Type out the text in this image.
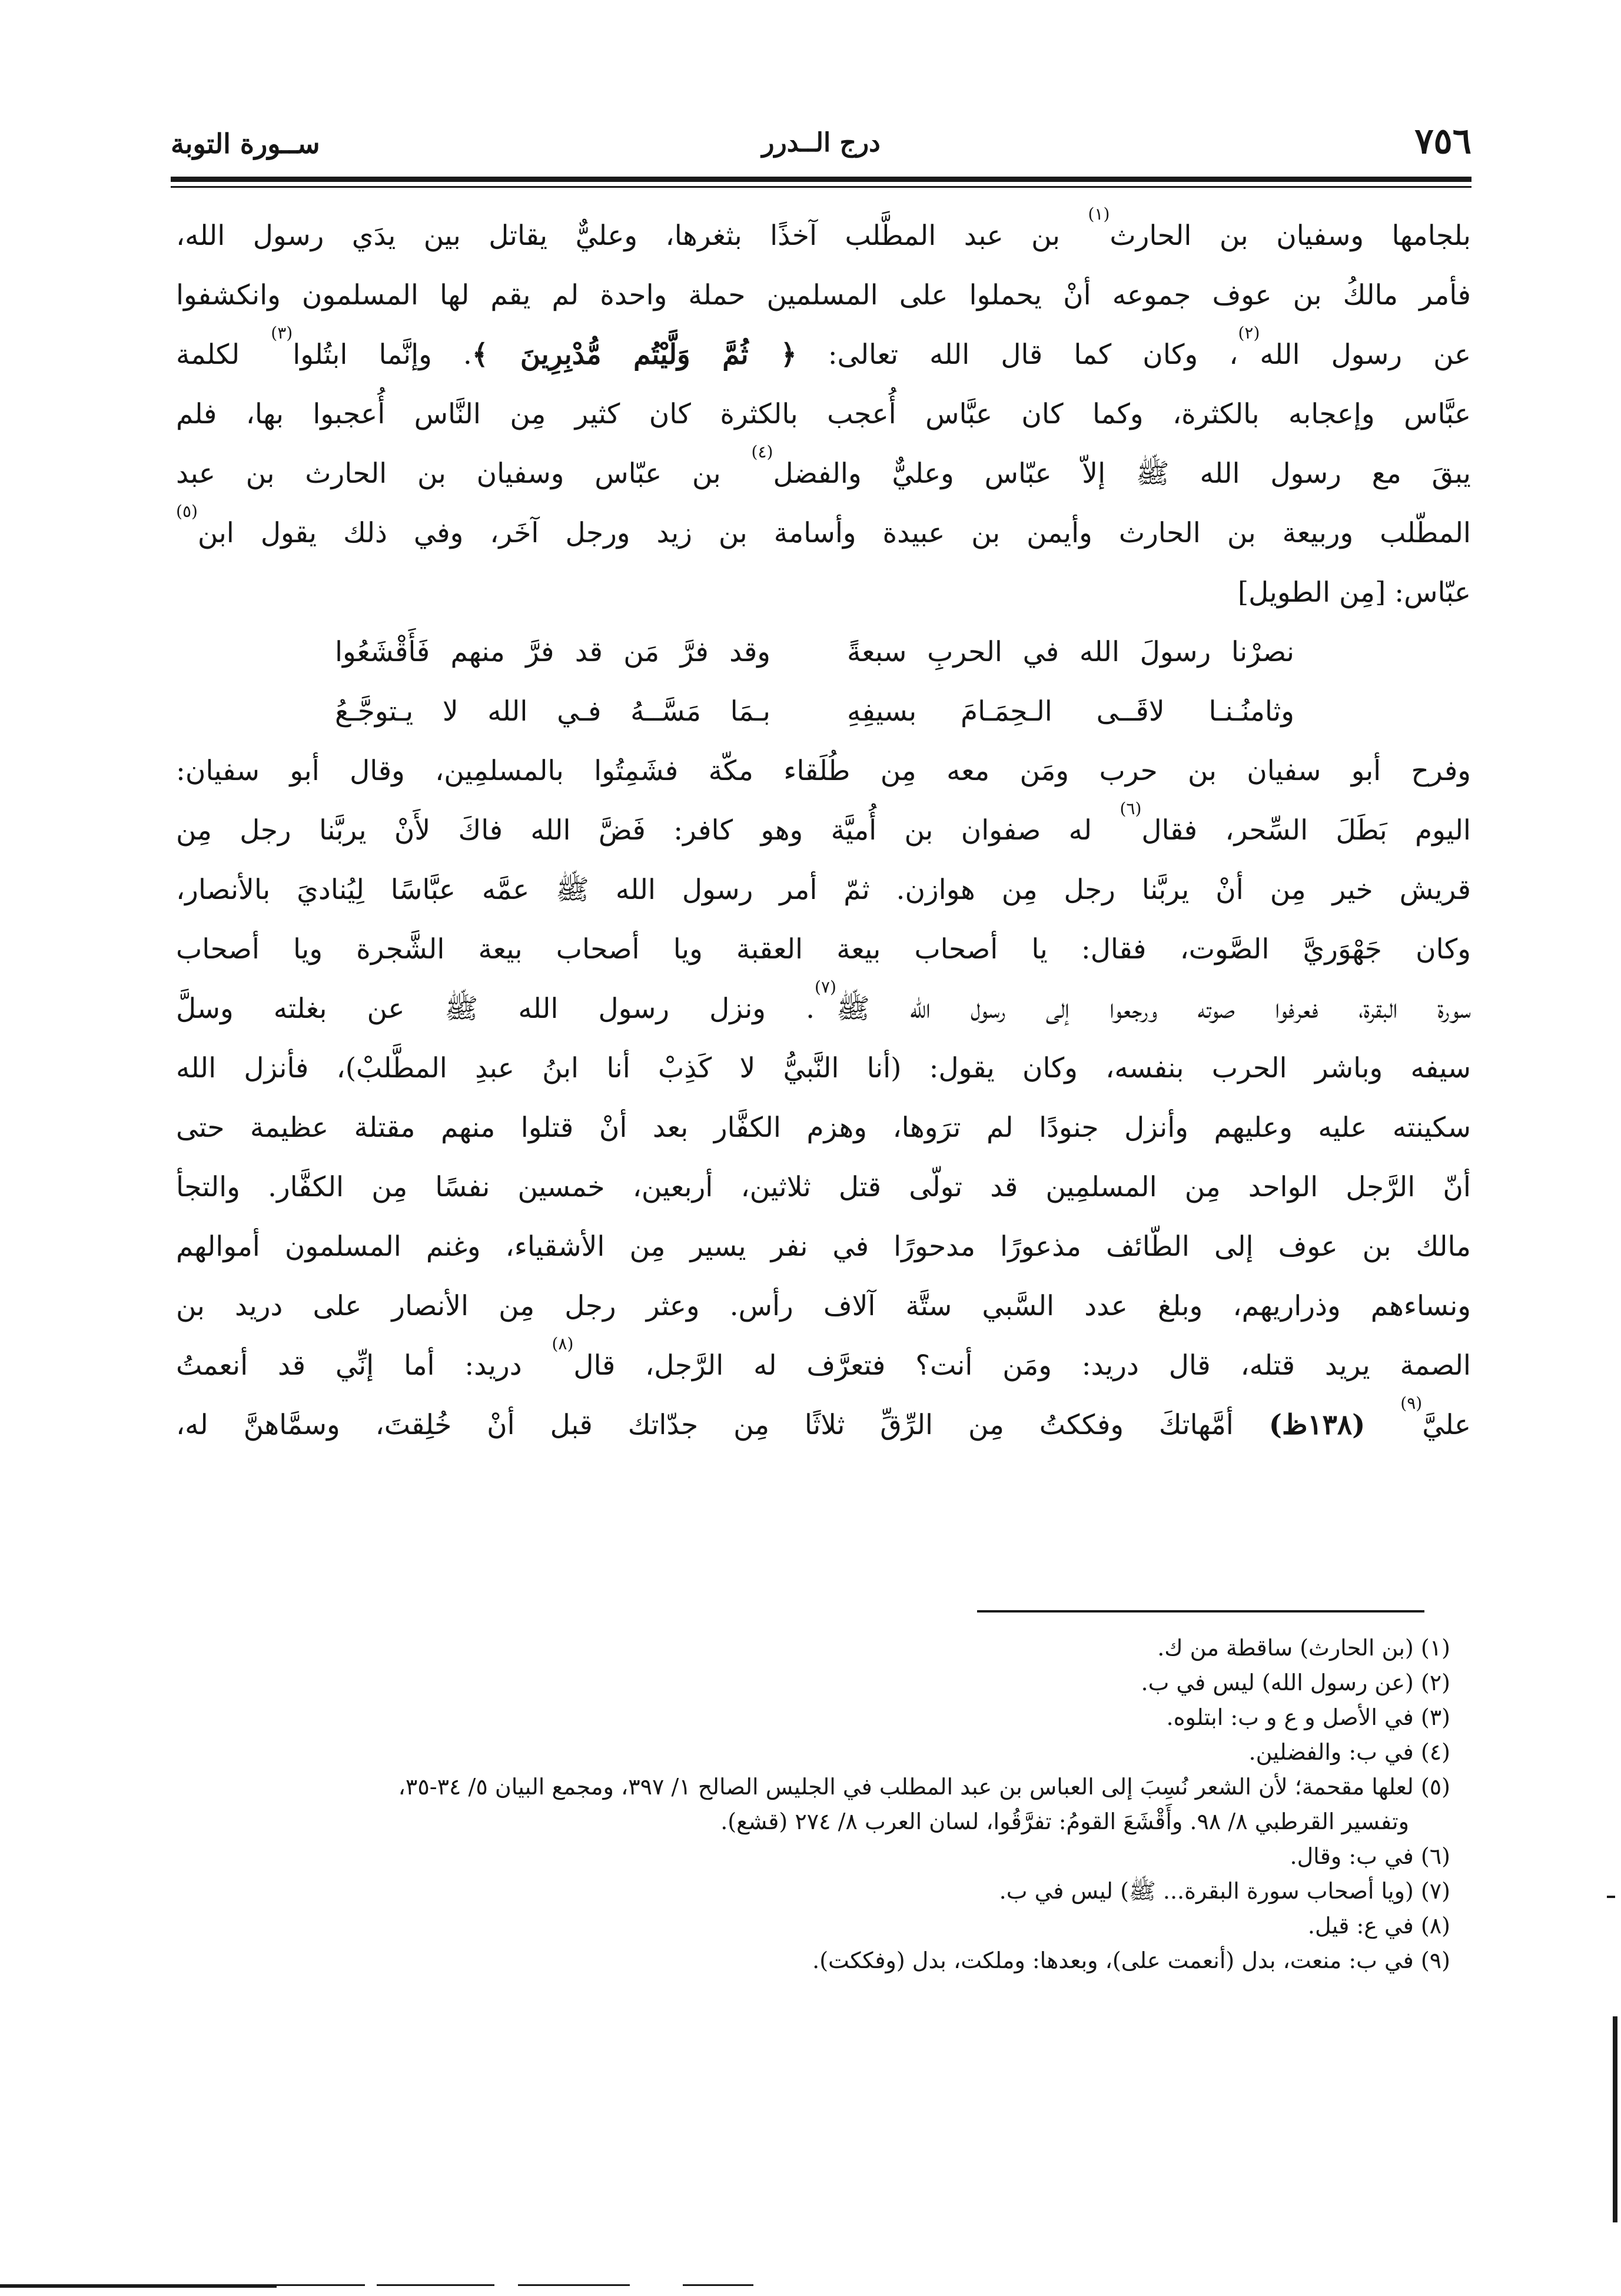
٧٥٦
درج الــدرر
ســورة التوبة
بلجامها وسفيان بن الحارث$^{(١)}$ بن عبد المطَّلب آخذًا بثغرها، وعليٌّ يقاتل بين يدَي رسول الله،
فأمر مالكُ بن عوف جموعه أنْ يحملوا على المسلمين حملة واحدة لم يقم لها المسلمون وانكشفوا
عن رسول الله$^{(٢)}$، وكان كما قال الله تعالى: ﴿ ثُمَّ وَلَّيْتُم مُّدْبِرِينَ ﴾. وإنَّما ابتُلوا$^{(٣)}$ لكلمة
عبَّاس وإعجابه بالكثرة، وكما كان عبَّاس أُعجب بالكثرة كان كثير مِن النَّاس أُعجبوا بها، فلم
يبقَ مع رسول الله ﷺ إلاّ عبّاس وعليٌّ والفضل$^{(٤)}$ بن عبّاس وسفيان بن الحارث بن عبد
المطّلب وربيعة بن الحارث وأيمن بن عبيدة وأسامة بن زيد ورجل آخَر، وفي ذلك يقول ابن$^{(٥)}$
عبّاس: [مِن الطويل]
نصرْنا رسولَ الله في الحربِ سبعةً
وقد فرَّ مَن قد فرَّ منهم فَأَقْشَعُوا
وثامنُـنـا لاقَــى الـحِمَـامَ بسيفِهِ
بـمَا مَسَّــهُ فـي الله لا يـتوجَّـعُ
وفرح أبو سفيان بن حرب ومَن معه مِن طُلَقاء مكّة فشَمِتُوا بالمسلمِين، وقال أبو سفيان:
اليوم بَطَلَ السِّحر، فقال$^{(٦)}$ له صفوان بن أُميَّة وهو كافر: فَضَّ الله فاكَ لأَنْ يربَّنا رجل مِن
قريش خير مِن أنْ يربَّنا رجل مِن هوازن. ثمّ أمر رسول الله ﷺ عمَّه عبَّاسًا لِيُناديَ بالأنصار،
وكان جَهْوَريَّ الصَّوت، فقال: يا أصحاب بيعة العقبة ويا أصحاب بيعة الشَّجرة ويا أصحاب
سورة البقرة، فعرفوا صوته ورجعوا إلى رسول الله ﷺ$^{(٧)}$. ونزل رسول الله ﷺ عن بغلته وسلَّ
سيفه وباشر الحرب بنفسه، وكان يقول: (أنا النَّبيُّ لا كَذِبْ أنا ابنُ عبدِ المطَّلبْ)، فأنزل الله
سكينته عليه وعليهم وأنزل جنودًا لم ترَوها، وهزم الكفَّار بعد أنْ قتلوا منهم مقتلة عظيمة حتى
أنّ الرَّجل الواحد مِن المسلمِين قد تولّى قتل ثلاثين، أربعين، خمسين نفسًا مِن الكفَّار. والتجأ
مالك بن عوف إلى الطّائف مذعورًا مدحورًا في نفر يسير مِن الأشقياء، وغنم المسلمون أموالهم
ونساءهم وذراريهم، وبلغ عدد السَّبي ستَّة آلاف رأس. وعثر رجل مِن الأنصار على دريد بن
الصمة يريد قتله، قال دريد: ومَن أنت؟ فتعرَّف له الرَّجل، قال$^{(٨)}$ دريد: أما إنِّي قد أنعمتُ
عليَّ$^{(٩)}$ (١٣٨ظ) أمَّهاتكَ وفككتُ مِن الرِّقِّ ثلاثًا مِن جدّاتك قبل أنْ خُلِقتَ، وسمَّاهنَّ له،
(١) (بن الحارث) ساقطة من ك.
(٢) (عن رسول الله) ليس في ب.
(٣) في الأصل و ع و ب: ابتلوه.
(٤) في ب: والفضلين.
(٥) لعلها مقحمة؛ لأن الشعر نُسِبَ إلى العباس بن عبد المطلب في الجليس الصالح ١/ ٣٩٧، ومجمع البيان ٥/ ٣٤-٣٥،
وتفسير القرطبي ٨/ ٩٨. وأَقْشَعَ القومُ: تفرَّقُوا، لسان العرب ٨/ ٢٧٤ (قشع).
(٦) في ب: وقال.
(٧) (ويا أصحاب سورة البقرة... ﷺ) ليس في ب.
(٨) في ع: قيل.
(٩) في ب: منعت، بدل (أنعمت على)، وبعدها: وملكت، بدل (وفككت).
